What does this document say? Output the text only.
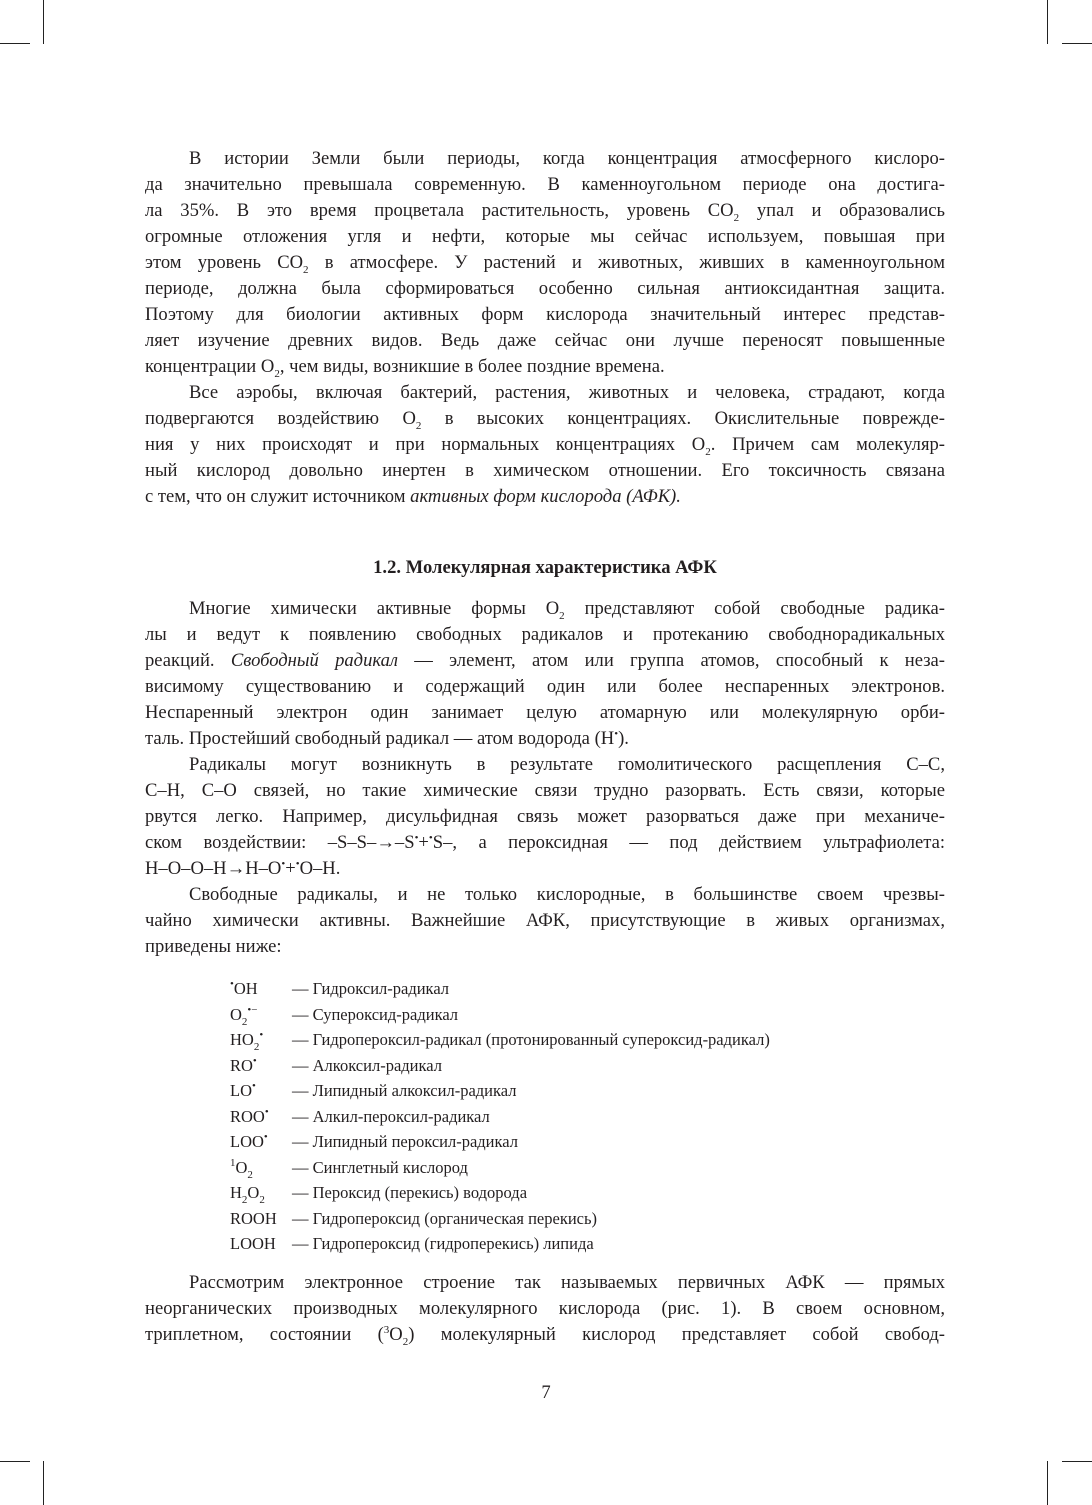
В истории Земли были периоды, когда концентрация атмосферного кислоро-
да значительно превышала современную. В каменноугольном периоде она достига-
ла 35%. В это время процветала растительность, уровень $CO_2$ упал и образовались
огромные отложения угля и нефти, которые мы сейчас используем, повышая при
этом уровень $CO_2$ в атмосфере. У растений и животных, живших в каменноугольном
периоде, должна была сформироваться особенно сильная антиоксидантная защита.
Поэтому для биологии активных форм кислорода значительный интерес представ-
ляет изучение древних видов. Ведь даже сейчас они лучше переносят повышенные
концентрации $O_2$, чем виды, возникшие в более поздние времена.
Все аэробы, включая бактерий, растения, животных и человека, страдают, когда
подвергаются воздействию $O_2$ в высоких концентрациях. Окислительные поврежде-
ния у них происходят и при нормальных концентрациях $O_2$. Причем сам молекуляр-
ный кислород довольно инертен в химическом отношении. Его токсичность связана
с тем, что он служит источником активных форм кислорода (АФК).
1.2. Молекулярная характеристика АФК
Многие химически активные формы $O_2$ представляют собой свободные радика-
лы и ведут к появлению свободных радикалов и протеканию свободнорадикальных
реакций. Свободный радикал — элемент, атом или группа атомов, способный к неза-
висимому существованию и содержащий один или более неспаренных электронов.
Неспаренный электрон один занимает целую атомарную или молекулярную орби-
таль. Простейший свободный радикал — атом водорода (H•).
Радикалы могут возникнуть в результате гомолитического расщепления C–C,
C–H, C–O связей, но такие химические связи трудно разорвать. Есть связи, которые
рвутся легко. Например, дисульфидная связь может разорваться даже при механиче-
ском воздействии: –S–S–→–S•+•S–, а пероксидная — под действием ультрафиолета:
H–O–O–H→H–O•+•O–H.
Свободные радикалы, и не только кислородные, в большинстве своем чрезвы-
чайно химически активны. Важнейшие АФК, присутствующие в живых организмах,
приведены ниже:
•OH	— Гидроксил-радикал
$O_2^{•-}$	— Супероксид-радикал
$HO_2^•$	— Гидропероксил-радикал (протонированный супероксид-радикал)
RO•	— Алкоксил-радикал
LO•	— Липидный алкоксил-радикал
ROO•	— Алкил-пероксил-радикал
LOO•	— Липидный пероксил-радикал
$^1O_2$	— Синглетный кислород
$H_2O_2$	— Пероксид (перекись) водорода
ROOH — Гидропероксид (органическая перекись)
LOOH — Гидропероксид (гидроперекись) липида
Рассмотрим электронное строение так называемых первичных АФК — прямых
неорганических производных молекулярного кислорода (рис. 1). В своем основном,
триплетном, состоянии $(^3O_2)$ молекулярный кислород представляет собой свобод-
7
